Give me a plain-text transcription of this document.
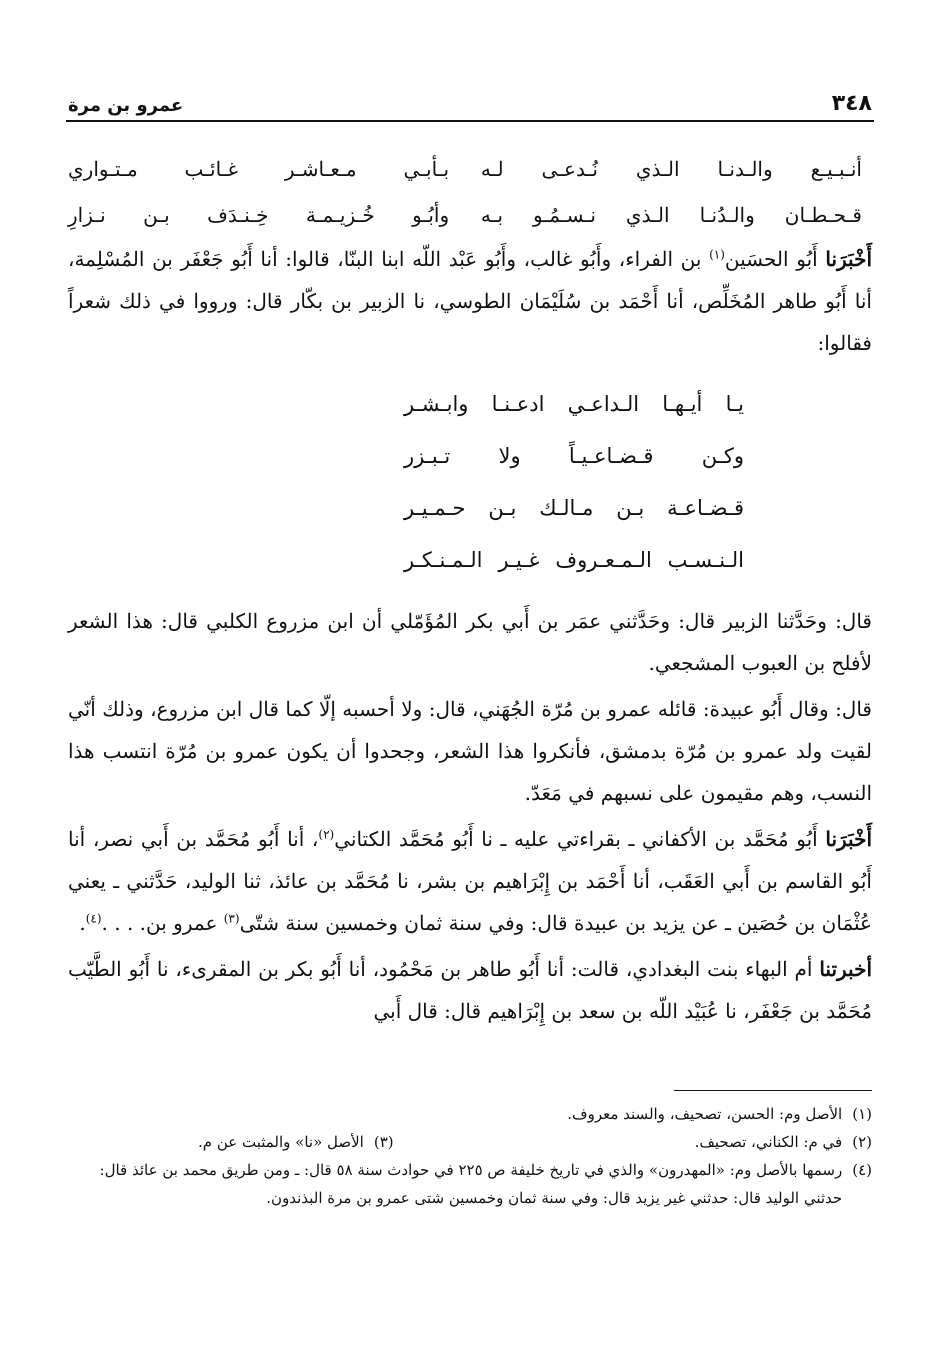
٣٤٨
عمرو بن مرة
أنـبـيـع والـدنـا الـذي نُـدعـى لـه
بـأبـي مـعـاشـر غـائـب مـتـواري
قـحـطـان والـدُنـا الـذي نـسـمُـو بـه
وأبُـو خُـزيـمـة خِـنـدَف بـن نـزارِ

أَخْبَرَنا أَبُو الحسَين$^{(١)}$ بن الفراء، وأَبُو غالب، وأَبُو عَبْد اللّه ابنا البنّا، قالوا: أنا أَبُو جَعْفَر بن المُسْلِمة، أنا أَبُو طاهر المُخَلِّص، أنا أَحْمَد بن سُلَيْمَان الطوسي، نا الزبير بن بكّار قال: ورووا في ذلك شعراً فقالوا:

يـا أيـهـا الـداعـي ادعـنـا وابـشـر
وكـن قـضـاعـيـاً ولا تـبـزر
قـضـاعـة بـن مـالـك بـن حـمـيـر
الـنـسـب الـمـعـروف غـيـر الـمـنـكـر

قال: وحَدَّثنا الزبير قال: وحَدَّثني عمَر بن أَبي بكر المُؤَمّلي أن ابن مزروع الكلبي قال: هذا الشعر لأفلح بن العبوب المشجعي.

قال: وقال أَبُو عبيدة: قائله عمرو بن مُرّة الجُهَني، قال: ولا أحسبه إلّا كما قال ابن مزروع، وذلك أنّي لقيت ولد عمرو بن مُرّة بدمشق، فأنكروا هذا الشعر، وجحدوا أن يكون عمرو بن مُرّة انتسب هذا النسب، وهم مقيمون على نسبهم في مَعَدّ.

أَخْبَرَنا أَبُو مُحَمَّد بن الأكفاني ـ بقراءتي عليه ـ نا أَبُو مُحَمَّد الكتاني$^{(٢)}$، أنا أَبُو مُحَمَّد بن أَبي نصر، أنا أَبُو القاسم بن أَبي العَقَب، أنا أَحْمَد بن إِبْرَاهيم بن بشر، نا مُحَمَّد بن عائذ، ثنا الوليد، حَدَّثني ـ يعني عُثْمَان بن حُصَين ـ عن يزيد بن عبيدة قال: وفي سنة ثمان وخمسين سنة شتّى$^{(٣)}$ عمرو بن. . . .$^{(٤)}$.

أخبرتنا أم البهاء بنت البغدادي، قالت: أنا أَبُو طاهر بن مَحْمُود، أنا أَبُو بكر بن المقرىء، نا أَبُو الطَّيّب مُحَمَّد بن جَعْفَر، نا عُبَيْد اللّه بن سعد بن إِبْرَاهيم قال: قال أَبي

(١)
الأصل وم: الحسن، تصحيف، والسند معروف.
(٢)
في م: الكناني، تصحيف.
(٣)
الأصل «نا» والمثبت عن م.
(٤)
رسمها بالأصل وم: «المهدرون» والذي في تاريخ خليفة ص ٢٢٥ في حوادث سنة ٥٨ قال: ـ ومن طريق محمد بن عائذ قال: حدثني الوليد قال: حدثني غير يزيد قال: وفي سنة ثمان وخمسين شتى عمرو بن مرة البذندون.
